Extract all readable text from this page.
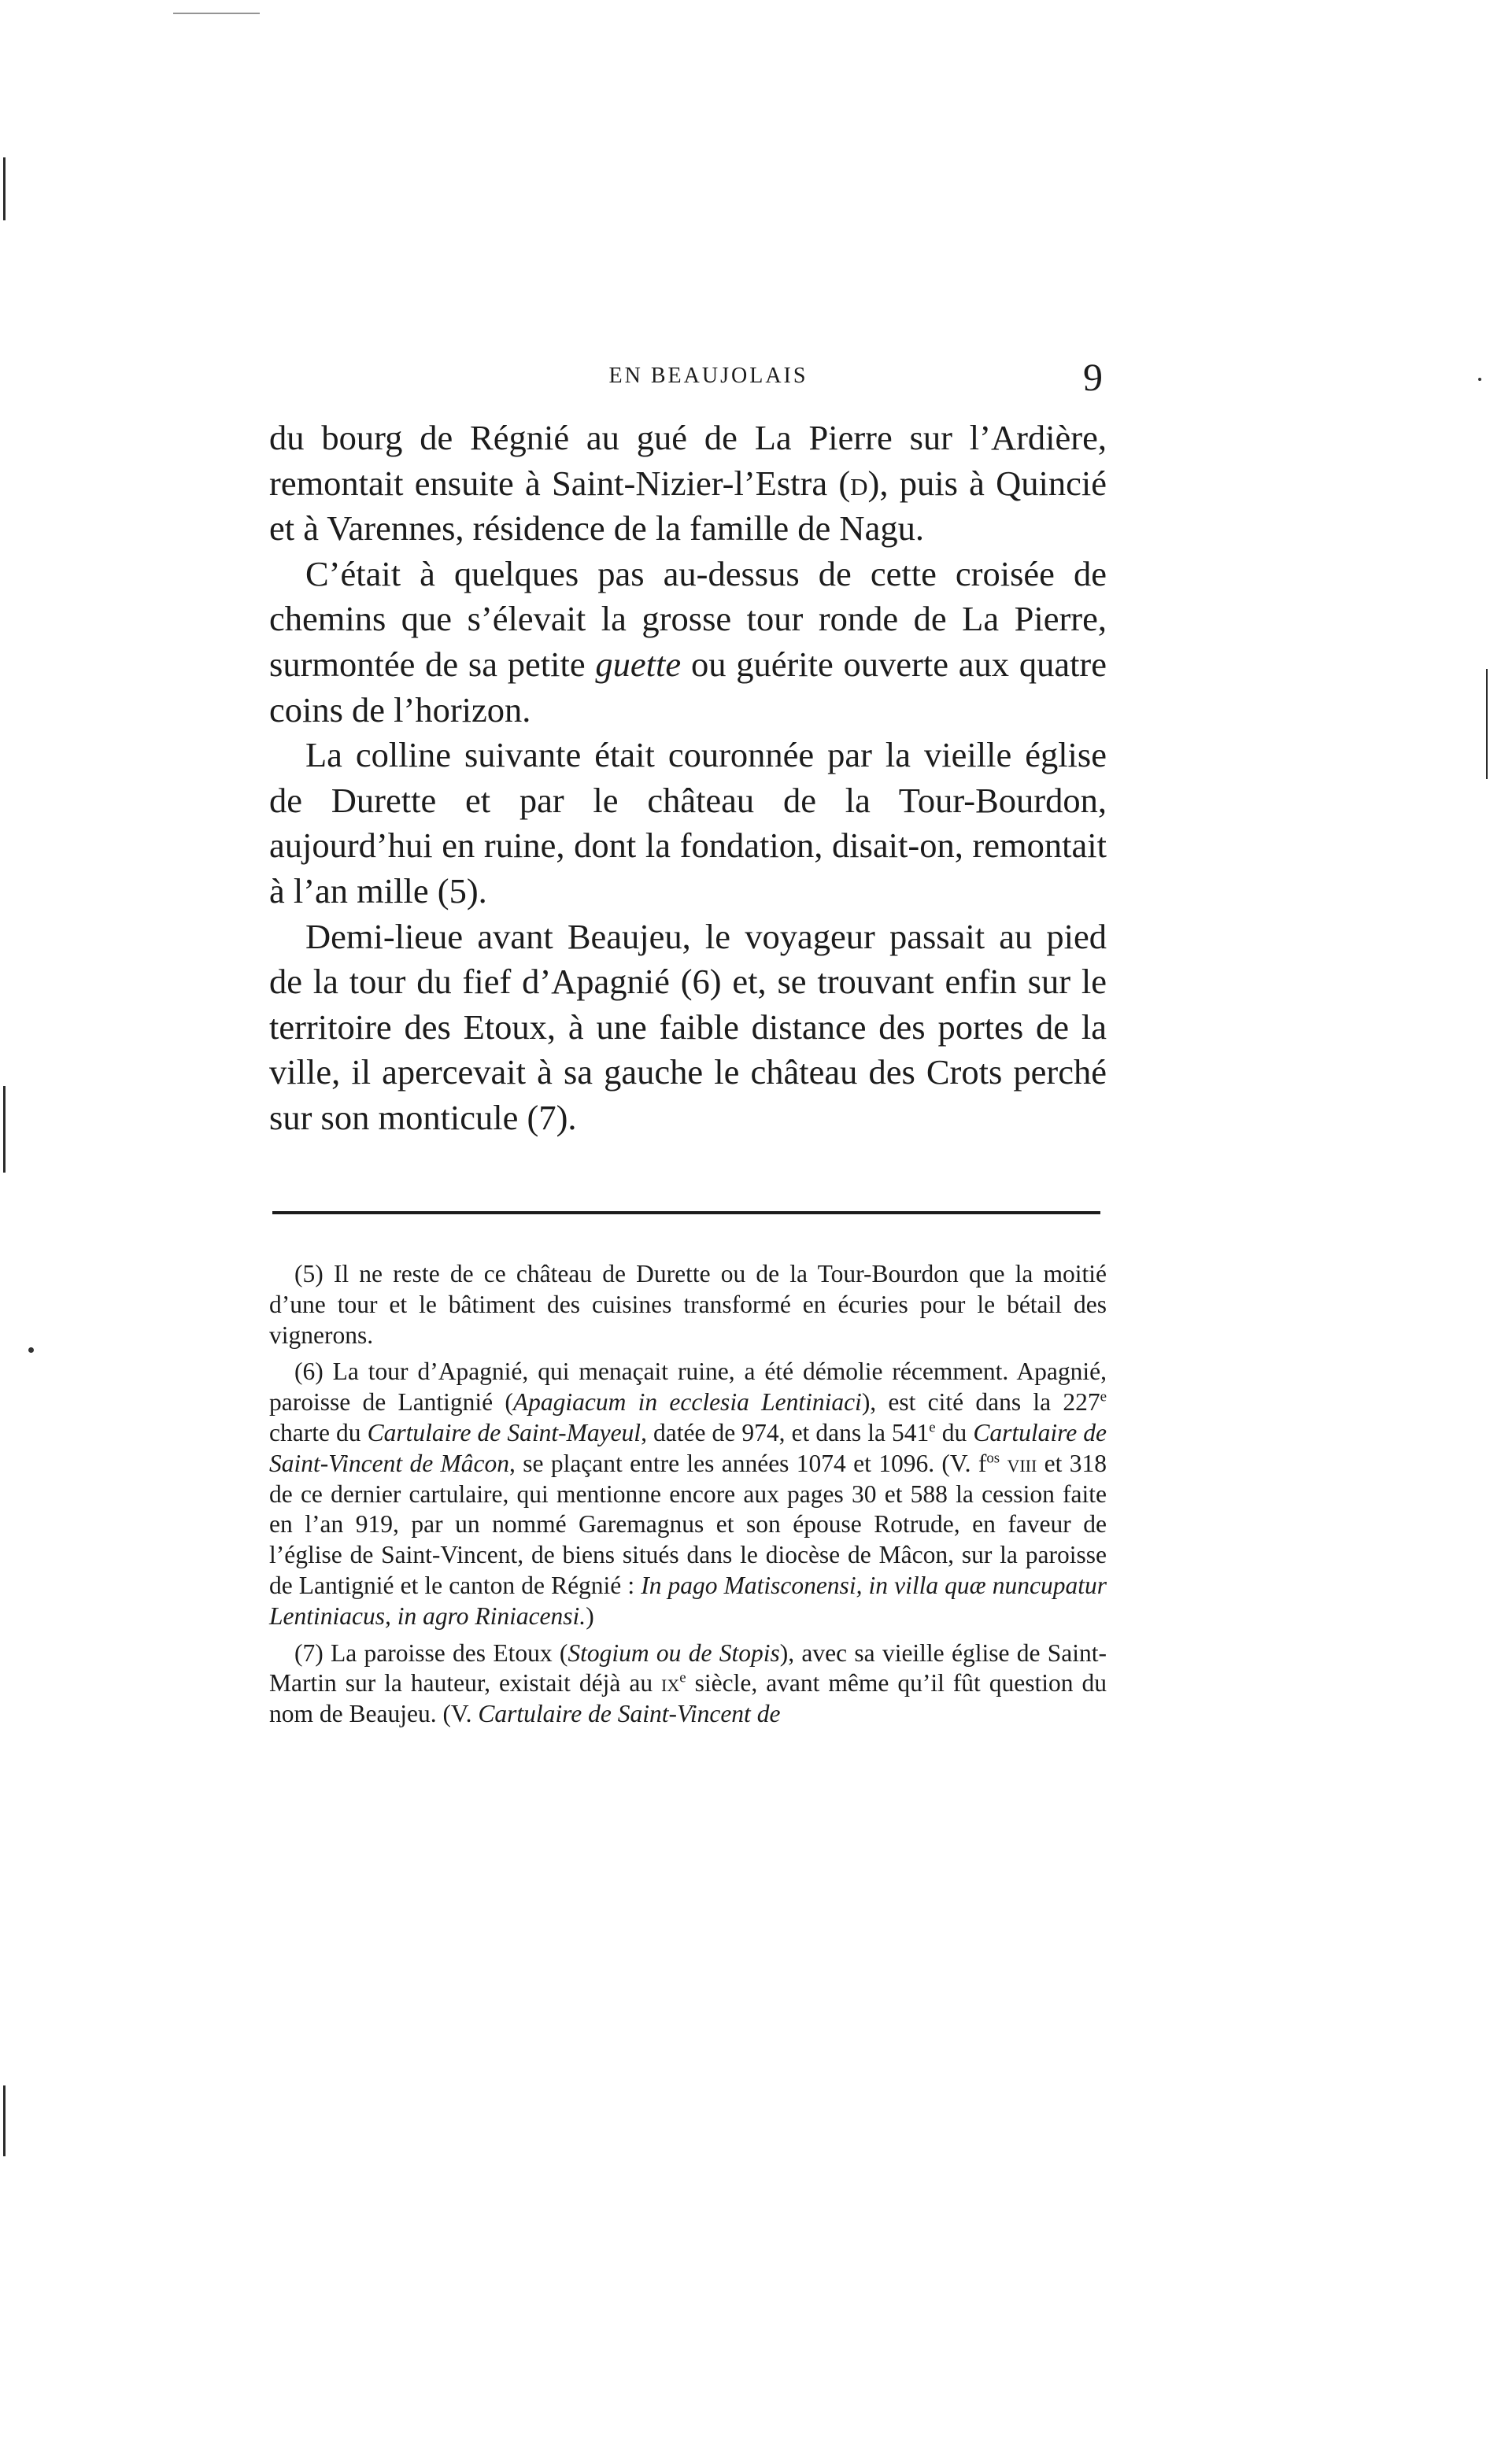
EN BEAUJOLAIS	9

du bourg de Régnié au gué de La Pierre sur l’Ardière, remontait ensuite à Saint-Nizier-l’Estra (d), puis à Quincié et à Varennes, résidence de la famille de Nagu.

C’était à quelques pas au-dessus de cette croisée de chemins que s’élevait la grosse tour ronde de La Pierre, surmontée de sa petite guette ou guérite ouverte aux quatre coins de l’horizon.

La colline suivante était couronnée par la vieille église de Durette et par le château de la Tour-Bourdon, aujourd’hui en ruine, dont la fondation, disait-on, remontait à l’an mille (5).

Demi-lieue avant Beaujeu, le voyageur passait au pied de la tour du fief d’Apagnié (6) et, se trouvant enfin sur le territoire des Etoux, à une faible distance des portes de la ville, il apercevait à sa gauche le château des Crots perché sur son monticule (7).

(5) Il ne reste de ce château de Durette ou de la Tour-Bourdon que la moitié d’une tour et le bâtiment des cuisines transformé en écuries pour le bétail des vignerons.

(6) La tour d’Apagnié, qui menaçait ruine, a été démolie récemment. Apagnié, paroisse de Lantignié (Apagiacum in ecclesia Lentiniaci), est cité dans la 227e charte du Cartulaire de Saint-Mayeul, datée de 974, et dans la 541e du Cartulaire de Saint-Vincent de Mâcon, se plaçant entre les années 1074 et 1096. (V. $f^{os}$ viii et 318 de ce dernier cartulaire, qui mentionne encore aux pages 30 et 588 la cession faite en l’an 919, par un nommé Garemagnus et son épouse Rotrude, en faveur de l’église de Saint-Vincent, de biens situés dans le diocèse de Mâcon, sur la paroisse de Lantignié et le canton de Régnié : In pago Matisconensi, in villa quæ nuncupatur Lentiniacus, in agro Riniacensi.)

(7) La paroisse des Etoux (Stogium ou de Stopis), avec sa vieille église de Saint-Martin sur la hauteur, existait déjà au $ix^e$ siècle, avant même qu’il fût question du nom de Beaujeu. (V. Cartulaire de Saint-Vincent de
